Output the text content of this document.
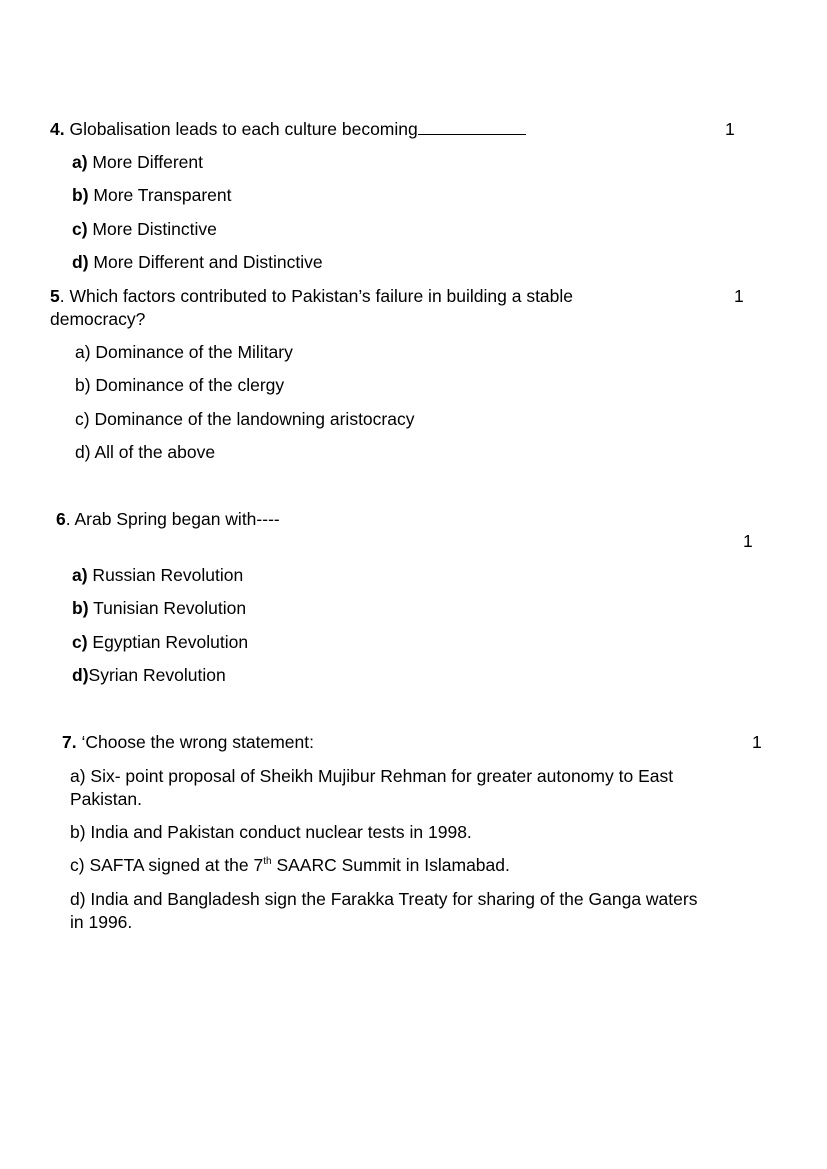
4. Globalisation leads to each culture becoming	1
a) More Different
b) More Transparent
c) More Distinctive
d) More Different and Distinctive
5. Which factors contributed to Pakistan’s failure in building a stable
democracy?
1
a) Dominance of the Military
b) Dominance of the clergy
c) Dominance of the landowning aristocracy
d) All of the above
6. Arab Spring began with----
1
a) Russian Revolution
b) Tunisian Revolution
c) Egyptian Revolution
d)Syrian Revolution
7. ‘Choose the wrong statement:	1
a) Six- point proposal of Sheikh Mujibur Rehman for greater autonomy to East
Pakistan.
b) India and Pakistan conduct nuclear tests in 1998.
c) SAFTA signed at the 7th SAARC Summit in Islamabad.
d) India and Bangladesh sign the Farakka Treaty for sharing of the Ganga waters
in 1996.
